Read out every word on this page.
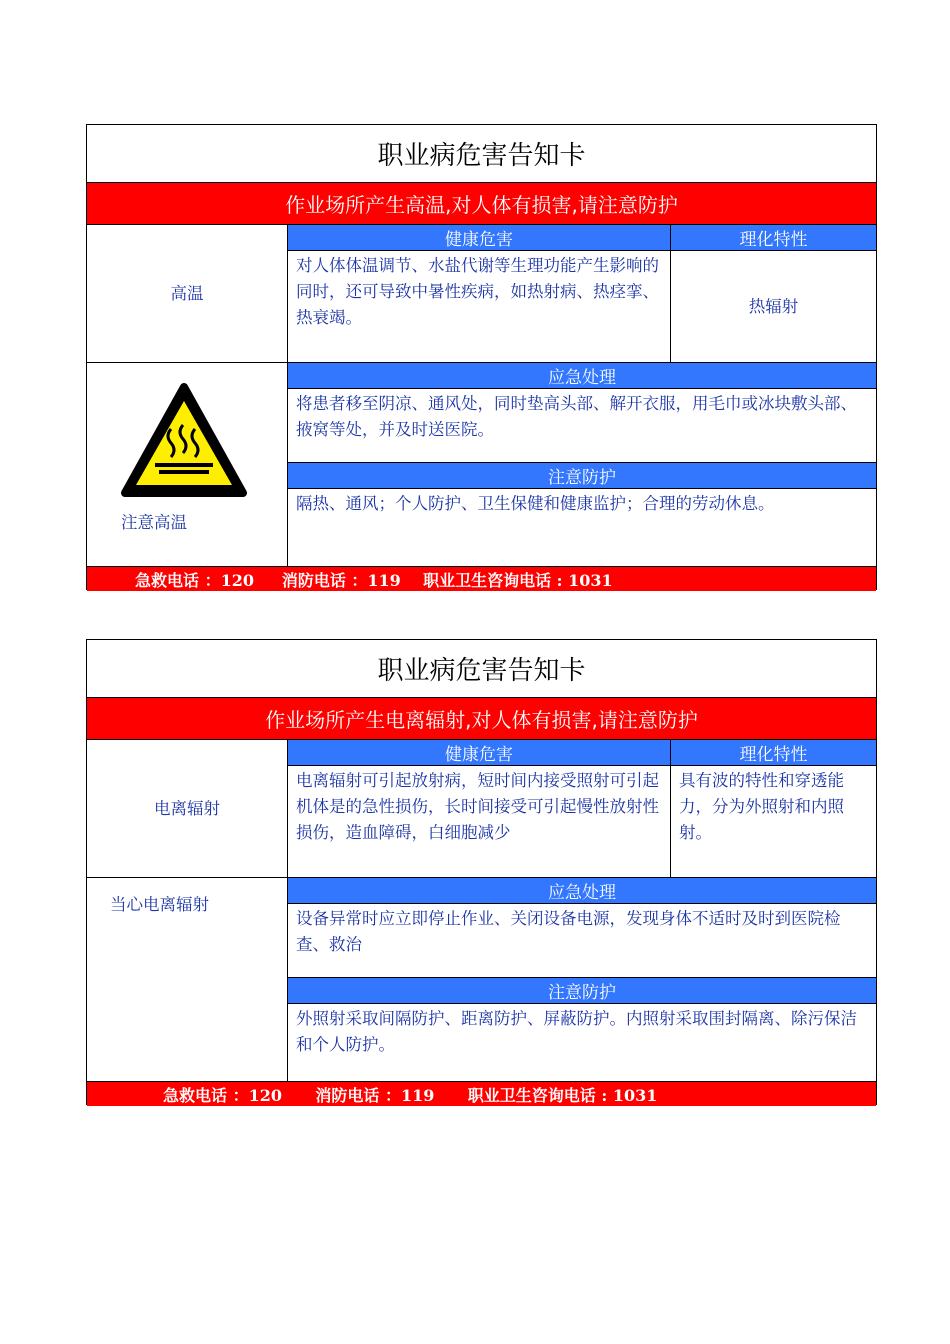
职业病危害告知卡
作业场所产生高温,对人体有损害,请注意防护
高温
健康危害	理化特性
对人体体温调节、水盐代谢等生理功能产生影响的同时，还可导致中暑性疾病，如热射病、热痉挛、热衰竭。
热辐射
注意高温
应急处理
将患者移至阴凉、通风处，同时垫高头部、解开衣服，用毛巾或冰块敷头部、掖窝等处，并及时送医院。
注意防护
隔热、通风；个人防护、卫生保健和健康监护；合理的劳动休息。
急救电话 ：120     消防电话 ：119    职业卫生咨询电话 : 1031
职业病危害告知卡
作业场所产生电离辐射,对人体有损害,请注意防护
电离辐射
健康危害	理化特性
电离辐射可引起放射病，短时间内接受照射可引起机体是的急性损伤，长时间接受可引起慢性放射性损伤，造血障碍，白细胞减少
具有波的特性和穿透能力，分为外照射和内照射。
当心电离辐射
应急处理
设备异常时应立即停止作业、关闭设备电源，发现身体不适时及时到医院检查、救治
注意防护
外照射采取间隔防护、距离防护、屏蔽防护。内照射采取围封隔离、除污保洁和个人防护。
急救电话 ：120      消防电话 ：119      职业卫生咨询电话 : 1031
